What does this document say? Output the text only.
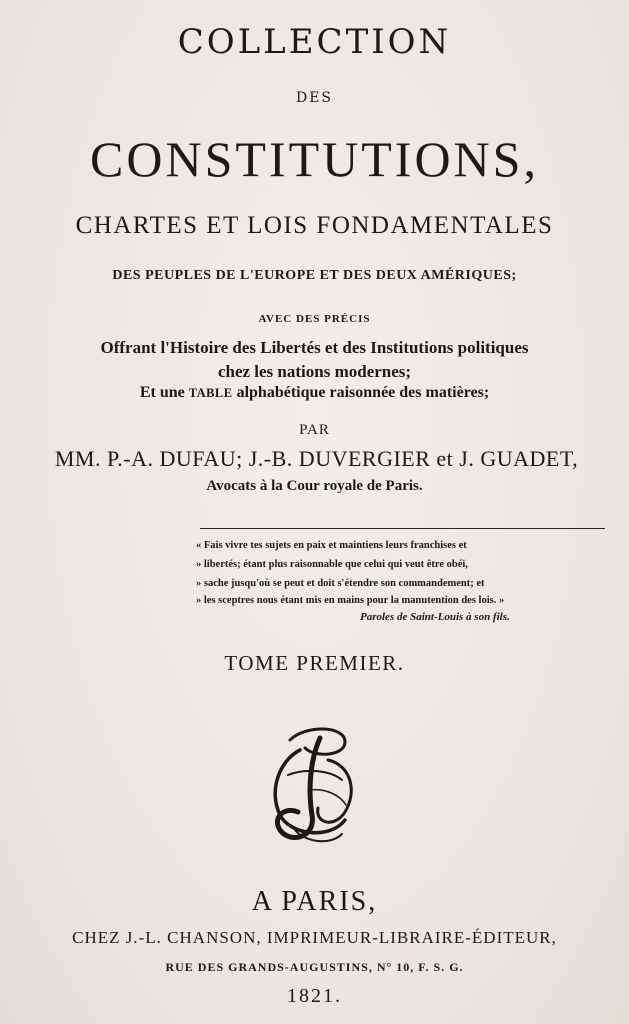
COLLECTION
DES
CONSTITUTIONS,
CHARTES ET LOIS FONDAMENTALES
DES PEUPLES DE L'EUROPE ET DES DEUX AMÉRIQUES;
AVEC DES PRÉCIS
Offrant l'Histoire des Libertés et des Institutions politiques
chez les nations modernes;
Et une TABLE alphabétique raisonnée des matières;
PAR
MM. P.-A. DUFAU; J.-B. DUVERGIER et J. GUADET,
Avocats à la Cour royale de Paris.
« Fais vivre tes sujets en paix et maintiens leurs franchises et
» libertés; étant plus raisonnable que celui qui veut être obéi,
» sache jusqu'où se peut et doit s'étendre son commandement; et
» les sceptres nous étant mis en mains pour la manutention des lois. »
Paroles de Saint-Louis à son fils.
TOME PREMIER.
A PARIS,
CHEZ J.-L. CHANSON, IMPRIMEUR-LIBRAIRE-ÉDITEUR,
RUE DES GRANDS-AUGUSTINS, N° 10, F. S. G.
1821.
